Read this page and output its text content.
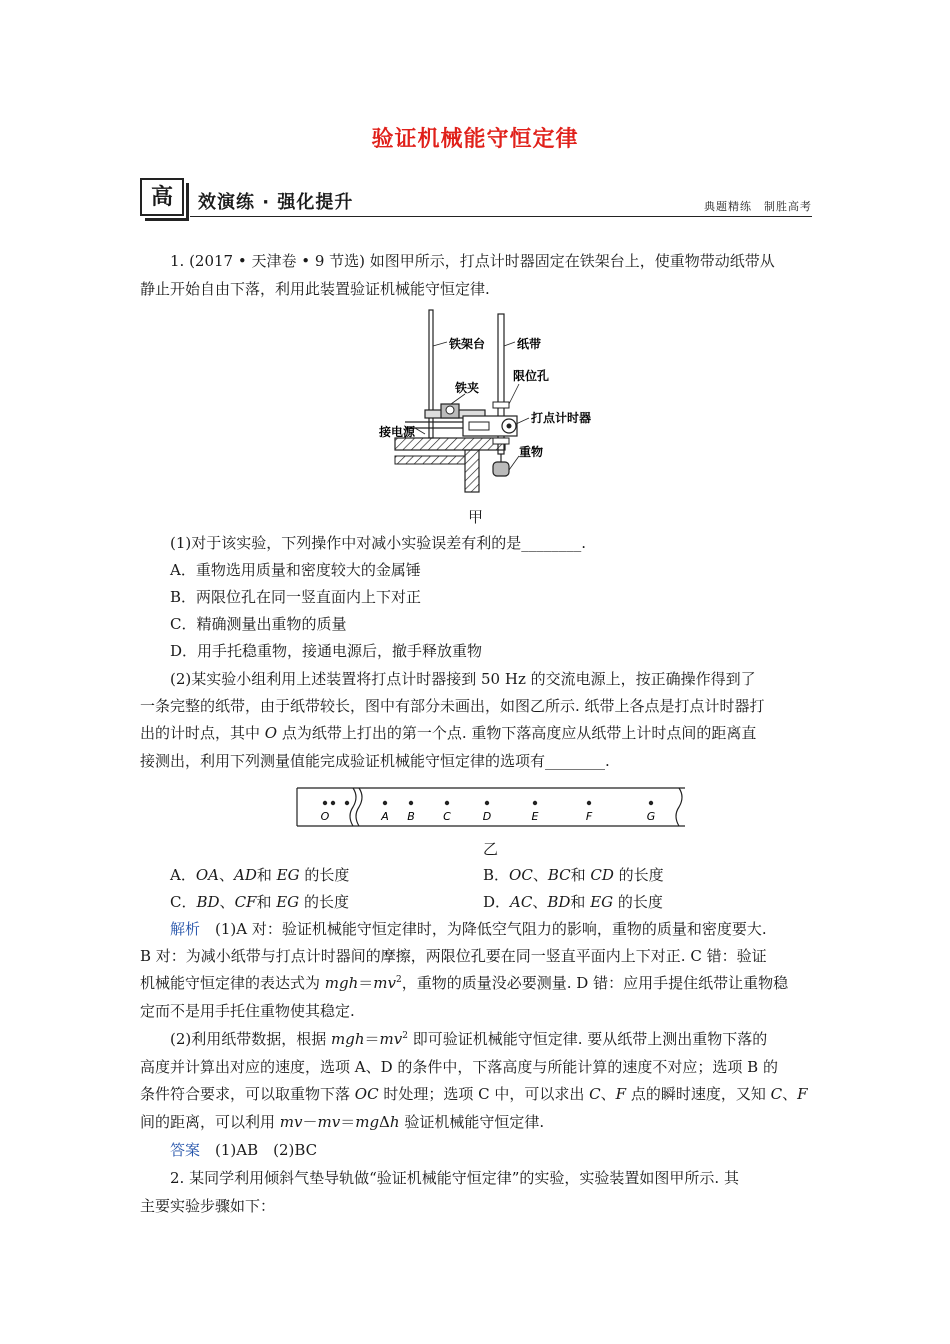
验证机械能守恒定律
高	效演练 · 强化提升	典题精练　制胜高考

1. (2017 • 天津卷 • 9 节选) 如图甲所示，打点计时器固定在铁架台上，使重物带动纸带从

静止开始自由下落，利用此装置验证机械能守恒定律.

铁架台	纸带
限位孔
铁夹
打点计时器
接电源
重物
甲

(1)对于该实验，下列操作中对减小实验误差有利的是________.

A．重物选用质量和密度较大的金属锤

B．两限位孔在同一竖直面内上下对正

C．精确测量出重物的质量

D．用手托稳重物，接通电源后，撤手释放重物

(2)某实验小组利用上述装置将打点计时器接到 50 Hz 的交流电源上，按正确操作得到了

一条完整的纸带，由于纸带较长，图中有部分未画出，如图乙所示. 纸带上各点是打点计时器打

出的计时点，其中 O 点为纸带上打出的第一个点. 重物下落高度应从纸带上计时点间的距离直

接测出，利用下列测量值能完成验证机械能守恒定律的选项有________.

O	A B	C	D	E	F	G
乙

A．OA、AD和 EG 的长度	B．OC、BC和 CD 的长度

C．BD、CF和 EG 的长度	D．AC、BD和 EG 的长度

解析　 (1)A 对：验证机械能守恒定律时，为降低空气阻力的影响，重物的质量和密度要大.

B 对：为减小纸带与打点计时器间的摩擦，两限位孔要在同一竖直平面内上下对正. C 错：验证

机械能守恒定律的表达式为 $mgh=mv^2$，重物的质量没必要测量. D 错：应用手提住纸带让重物稳

定而不是用手托住重物使其稳定.

(2)利用纸带数据，根据 $mgh=mv^2$ 即可验证机械能守恒定律. 要从纸带上测出重物下落的

高度并计算出对应的速度，选项 A、D 的条件中，下落高度与所能计算的速度不对应；选项 B 的

条件符合要求，可以取重物下落 OC 时处理；选项 C 中，可以求出 C、F 点的瞬时速度，又知 C、F

间的距离，可以利用 mv－mv＝mgΔh 验证机械能守恒定律.

答案　 (1)AB　(2)BC

2. 某同学利用倾斜气垫导轨做“验证机械能守恒定律”的实验，实验装置如图甲所示. 其

主要实验步骤如下：
